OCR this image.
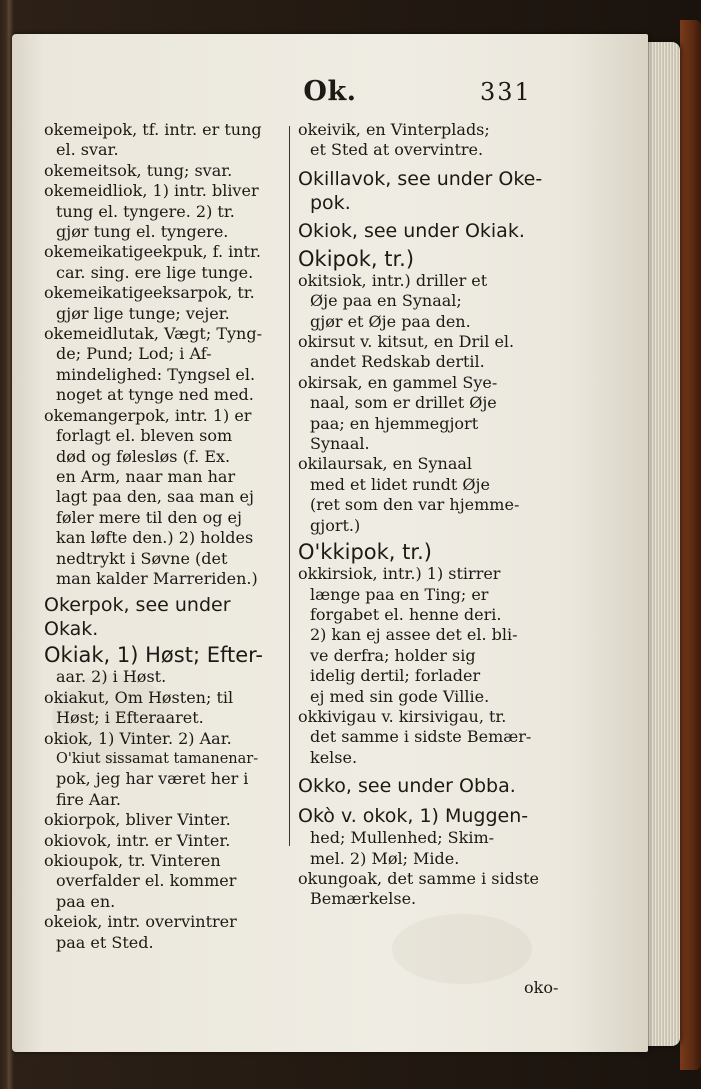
Ok.	331
okemeipok, tf. intr. er tung
el. svar.
okemeitsok, tung; svar.
okemeidliok, 1) intr. bliver
tung el. tyngere. 2) tr.
gjør tung el. tyngere.
okemeikatigeekpuk, f. intr.
car. sing. ere lige tunge.
okemeikatigeeksarpok, tr.
gjør lige tunge; vejer.
okemeidlutak, Vægt; Tyng-
de; Pund; Lod; i Af-
mindelighed: Tyngsel el.
noget at tynge ned med.
okemangerpok, intr. 1) er
forlagt el. bleven som
død og følesløs (f. Ex.
en Arm, naar man har
lagt paa den, saa man ej
føler mere til den og ej
kan løfte den.) 2) holdes
nedtrykt i Søvne (det
man kalder Marreriden.)
Okerpok, see under Okak.
Okiak, 1) Høst; Efter-
aar. 2) i Høst.
okiakut, Om Høsten; til
Høst; i Efteraaret.
okiok, 1) Vinter. 2) Aar.
O'kiut sissamat tamanenar-
pok, jeg har været her i
fire Aar.
okiorpok, bliver Vinter.
okiovok, intr. er Vinter.
okioupok, tr. Vinteren
overfalder el. kommer
paa en.
okeiok, intr. overvintrer
paa et Sted.
okeivik, en Vinterplads;
et Sted at overvintre.
Okillavok, see under Oke-
pok.
Okiok, see under Okiak.
Okipok, tr.)
okitsiok, intr.) driller et
Øje paa en Synaal;
gjør et Øje paa den.
okirsut v. kitsut, en Dril el.
andet Redskab dertil.
okirsak, en gammel Sye-
naal, som er drillet Øje
paa; en hjemmegjort
Synaal.
okilaursak, en Synaal
med et lidet rundt Øje
(ret som den var hjemme-
gjort.)
O'kkipok, tr.)
okkirsiok, intr.) 1) stirrer
længe paa en Ting; er
forgabet el. henne deri.
2) kan ej assee det el. bli-
ve derfra; holder sig
idelig dertil; forlader
ej med sin gode Villie.
okkivigau v. kirsivigau, tr.
det samme i sidste Bemær-
kelse.
Okko, see under Obba.
Okò v. okok, 1) Muggen-
hed; Mullenhed; Skim-
mel. 2) Møl; Mide.
okungoak, det samme i sidste
Bemærkelse.
oko-
